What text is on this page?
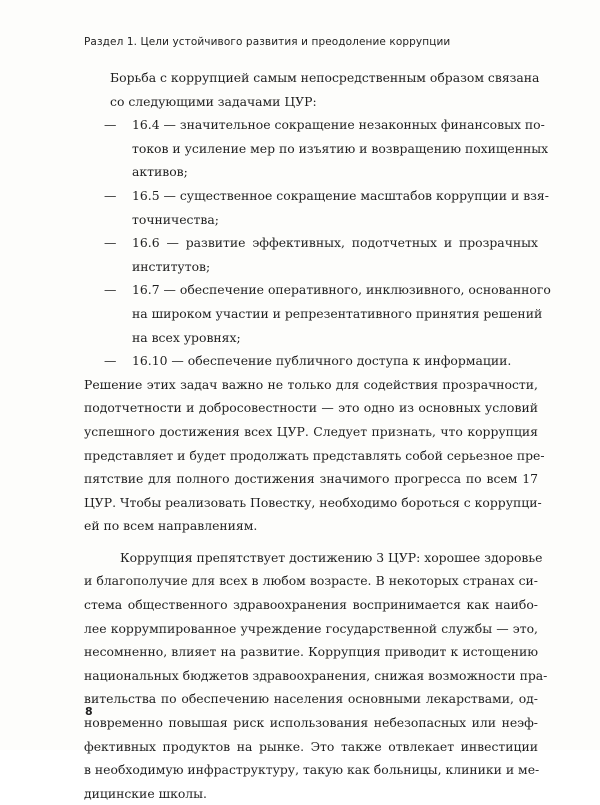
Раздел 1. Цели устойчивого развития и преодоление коррупции
Борьба с коррупцией самым непосредственным образом связана
со следующими задачами ЦУР:
— 16.4 — значительное сокращение незаконных финансовых по-
токов и усиление мер по изъятию и возвращению похищенных
активов;
— 16.5 — существенное сокращение масштабов коррупции и взя-
точничества;
— 16.6 — развитие эффективных, подотчетных и прозрачных
институтов;
— 16.7 — обеспечение оперативного, инклюзивного, основанного
на широком участии и репрезентативного принятия решений
на всех уровнях;
— 16.10 — обеспечение публичного доступа к информации.
Решение этих задач важно не только для содействия прозрачности,
подотчетности и добросовестности — это одно из основных условий
успешного достижения всех ЦУР. Следует признать, что коррупция
представляет и будет продолжать представлять собой серьезное пре-
пятствие для полного достижения значимого прогресса по всем 17
ЦУР. Чтобы реализовать Повестку, необходимо бороться с коррупци-
ей по всем направлениям.
Коррупция препятствует достижению 3 ЦУР: хорошее здоровье
и благополучие для всех в любом возрасте. В некоторых странах си-
стема общественного здравоохранения воспринимается как наибо-
лее коррумпированное учреждение государственной службы — это,
несомненно, влияет на развитие. Коррупция приводит к истощению
национальных бюджетов здравоохранения, снижая возможности пра-
вительства по обеспечению населения основными лекарствами, од-
новременно повышая риск использования небезопасных или неэф-
фективных продуктов на рынке. Это также отвлекает инвестиции
в необходимую инфраструктуру, такую как больницы, клиники и ме-
дицинские школы.
8
